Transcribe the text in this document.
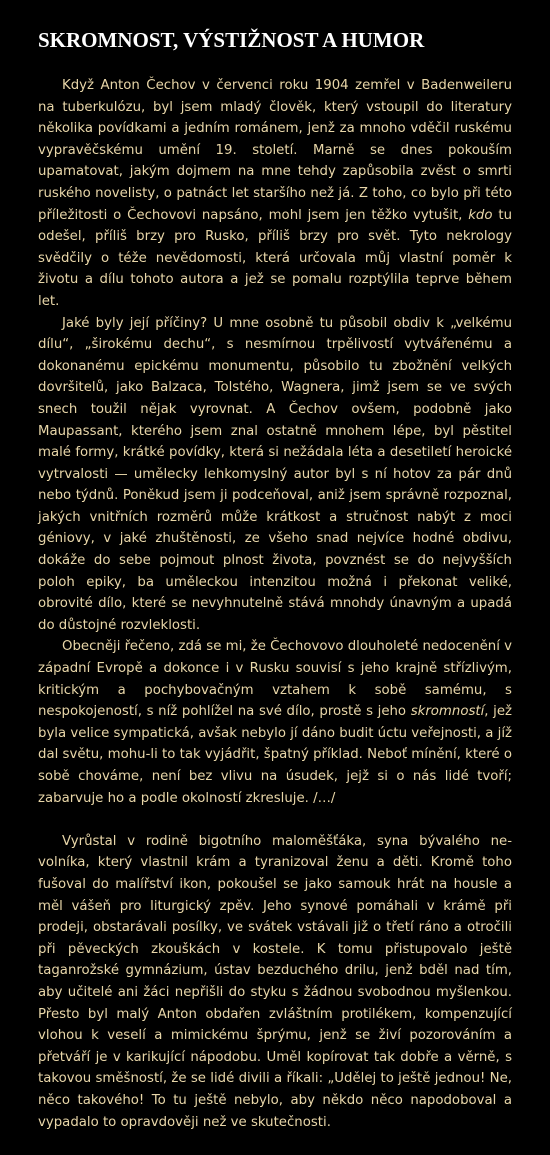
SKROMNOST, VÝSTIŽNOST A HUMOR

Když Anton Čechov v červenci roku 1904 zemřel v Badenweileru na tuberkulózu, byl jsem mladý člověk, který vstoupil do literatury několika povídkami a jedním románem, jenž za mnoho vděčil ruskému vypravěčskému umění 19. století. Marně se dnes pokouším upamatovat, jakým dojmem na mne tehdy zapůsobila zvěst o smrti ruského novelisty, o patnáct let staršího než já. Z toho, co bylo při této příležitosti o Čechovovi napsáno, mohl jsem jen těžko vytušit, kdo tu odešel, příliš brzy pro Rusko, příliš brzy pro svět. Tyto nekrology svědčily o téže nevědomosti, která určovala můj vlastní poměr k životu a dílu tohoto autora a jež se pomalu rozptýlila teprve během let.

Jaké byly její příčiny? U mne osobně tu působil obdiv k „velkému dílu“, „širokému dechu“, s nesmírnou trpělivostí vytvářenému a dokonanému epickému monumentu, působilo tu zbožnění velkých dovršitelů, jako Balzaca, Tolstého, Wagnera, jimž jsem se ve svých snech toužil nějak vyrovnat. A Čechov ovšem, podobně jako Maupassant, kterého jsem znal ostatně mnohem lépe, byl pěstitel malé formy, krátké povídky, která si nežádala léta a desetiletí heroické vytrvalosti — umělecky lehkomyslný autor byl s ní hotov za pár dnů nebo týdnů. Poněkud jsem ji podceňoval, aniž jsem správně rozpoznal, jakých vnitřních rozměrů může krátkost a stručnost nabýt z moci géniovy, v jaké zhuštěnosti, ze všeho snad nejvíce hodné obdivu, dokáže do sebe pojmout plnost života, povznést se do nejvyšších poloh epiky, ba uměleckou intenzitou možná i překonat veliké, obrovité dílo, které se nevyhnutelně stává mnohdy únavným a upadá do důstojné rozvleklosti.

Obecněji řečeno, zdá se mi, že Čechovovo dlouholeté nedocenění v západní Evropě a dokonce i v Rusku souvisí s jeho krajně střízlivým, kritickým a pochybovačným vztahem k sobě samému, s nespokojeností, s níž pohlížel na své dílo, prostě s jeho skromností, jež byla velice sympatická, avšak nebylo jí dáno budit úctu veřejnosti, a jíž dal světu, mohu-li to tak vyjádřit, špatný příklad. Neboť mínění, které o sobě chováme, není bez vlivu na úsudek, jejž si o nás lidé tvoří; zabarvuje ho a podle okolností zkresluje. /…/

Vyrůstal v rodině bigotního maloměšťáka, syna bývalého nevolníka, který vlastnil krám a tyranizoval ženu a děti. Kromě toho fušoval do malířství ikon, pokoušel se jako samouk hrát na housle a měl vášeň pro liturgický zpěv. Jeho synové pomáhali v krámě při prodeji, obstarávali posílky, ve svátek vstávali již o třetí ráno a otročili při pěveckých zkouškách v kostele. K tomu přistupovalo ještě taganrožské gymnázium, ústav bezduchého drilu, jenž bděl nad tím, aby učitelé ani žáci nepřišli do styku s žádnou svobodnou myšlenkou. Přesto byl malý Anton obdařen zvláštním protilékem, kompenzující vlohou k veselí a mimickému šprýmu, jenž se živí pozorováním a přetváří je v karikující nápodobu. Uměl kopírovat tak dobře a věrně, s takovou směšností, že se lidé divili a říkali: „Udělej to ještě jednou! Ne, něco takového! To tu ještě nebylo, aby někdo něco napodoboval a vypadalo to opravdověji než ve skutečnosti.
